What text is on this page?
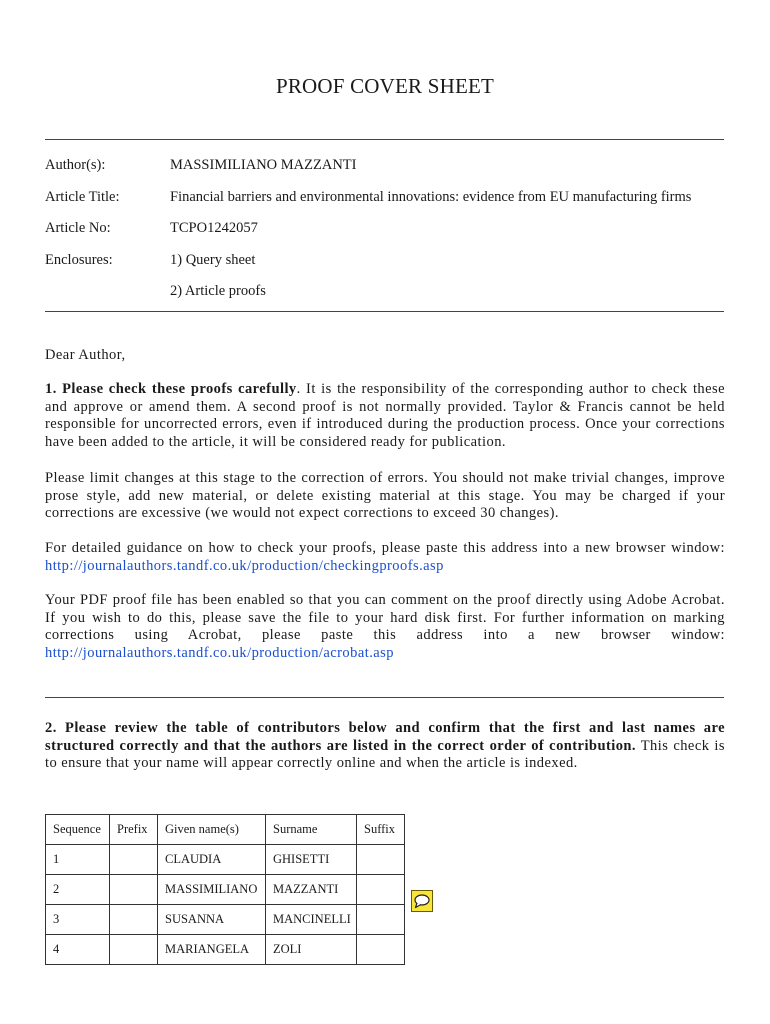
PROOF COVER SHEET
Author(s):	MASSIMILIANO MAZZANTI
Article Title:	Financial barriers and environmental innovations: evidence from EU manufacturing firms
Article No:	TCPO1242057
Enclosures:	1) Query sheet
2) Article proofs
Dear Author,
1. Please check these proofs carefully. It is the responsibility of the corresponding author to check these and approve or amend them. A second proof is not normally provided. Taylor & Francis cannot be held responsible for uncorrected errors, even if introduced during the production process. Once your corrections have been added to the article, it will be considered ready for publication.
Please limit changes at this stage to the correction of errors. You should not make trivial changes, improve prose style, add new material, or delete existing material at this stage. You may be charged if your corrections are excessive (we would not expect corrections to exceed 30 changes).
For detailed guidance on how to check your proofs, please paste this address into a new browser window: http://journalauthors.tandf.co.uk/production/checkingproofs.asp
Your PDF proof file has been enabled so that you can comment on the proof directly using Adobe Acrobat. If you wish to do this, please save the file to your hard disk first. For further information on marking corrections using Acrobat, please paste this address into a new browser window: http://journalauthors.tandf.co.uk/production/acrobat.asp
2. Please review the table of contributors below and confirm that the first and last names are structured correctly and that the authors are listed in the correct order of contribution. This check is to ensure that your name will appear correctly online and when the article is indexed.
Sequence	Prefix	Given name(s)	Surname	Suffix
1		CLAUDIA	GHISETTI	
2		MASSIMILIANO	MAZZANTI	
3		SUSANNA	MANCINELLI	
4		MARIANGELA	ZOLI	
